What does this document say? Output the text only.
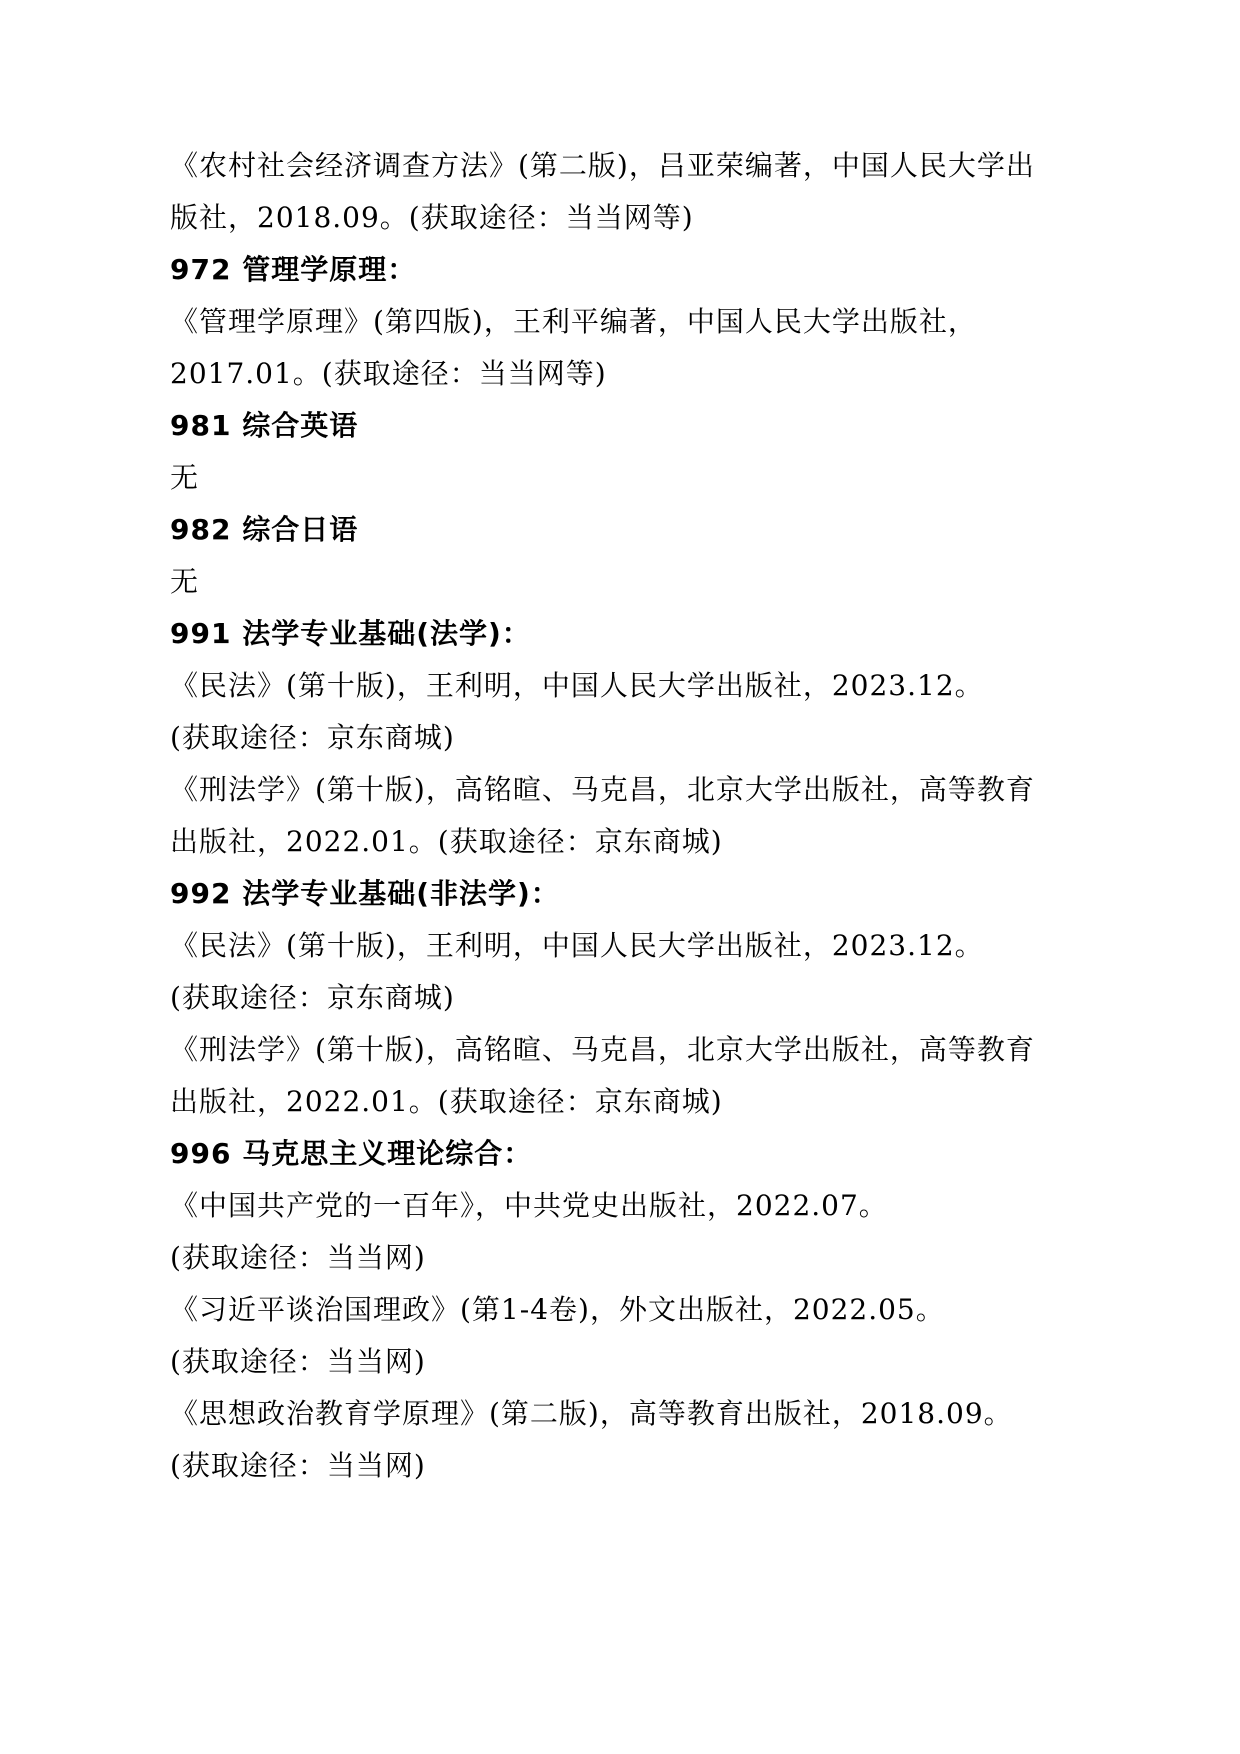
《农村社会经济调查方法》(第二版)，吕亚荣编著，中国人民大学出
版社，2018.09。(获取途径：当当网等)
972 管理学原理：
《管理学原理》(第四版)，王利平编著，中国人民大学出版社，
2017.01。(获取途径：当当网等)
981 综合英语
无
982 综合日语
无
991 法学专业基础(法学)：
《民法》(第十版)，王利明，中国人民大学出版社，2023.12。
(获取途径：京东商城)
《刑法学》(第十版)，高铭暄、马克昌，北京大学出版社，高等教育
出版社，2022.01。(获取途径：京东商城)
992 法学专业基础(非法学)：
《民法》(第十版)，王利明，中国人民大学出版社，2023.12。
(获取途径：京东商城)
《刑法学》(第十版)，高铭暄、马克昌，北京大学出版社，高等教育
出版社，2022.01。(获取途径：京东商城)
996 马克思主义理论综合：
《中国共产党的一百年》，中共党史出版社，2022.07。
(获取途径：当当网)
《习近平谈治国理政》(第1-4卷)，外文出版社，2022.05。
(获取途径：当当网)
《思想政治教育学原理》(第二版)，高等教育出版社，2018.09。
(获取途径：当当网)
